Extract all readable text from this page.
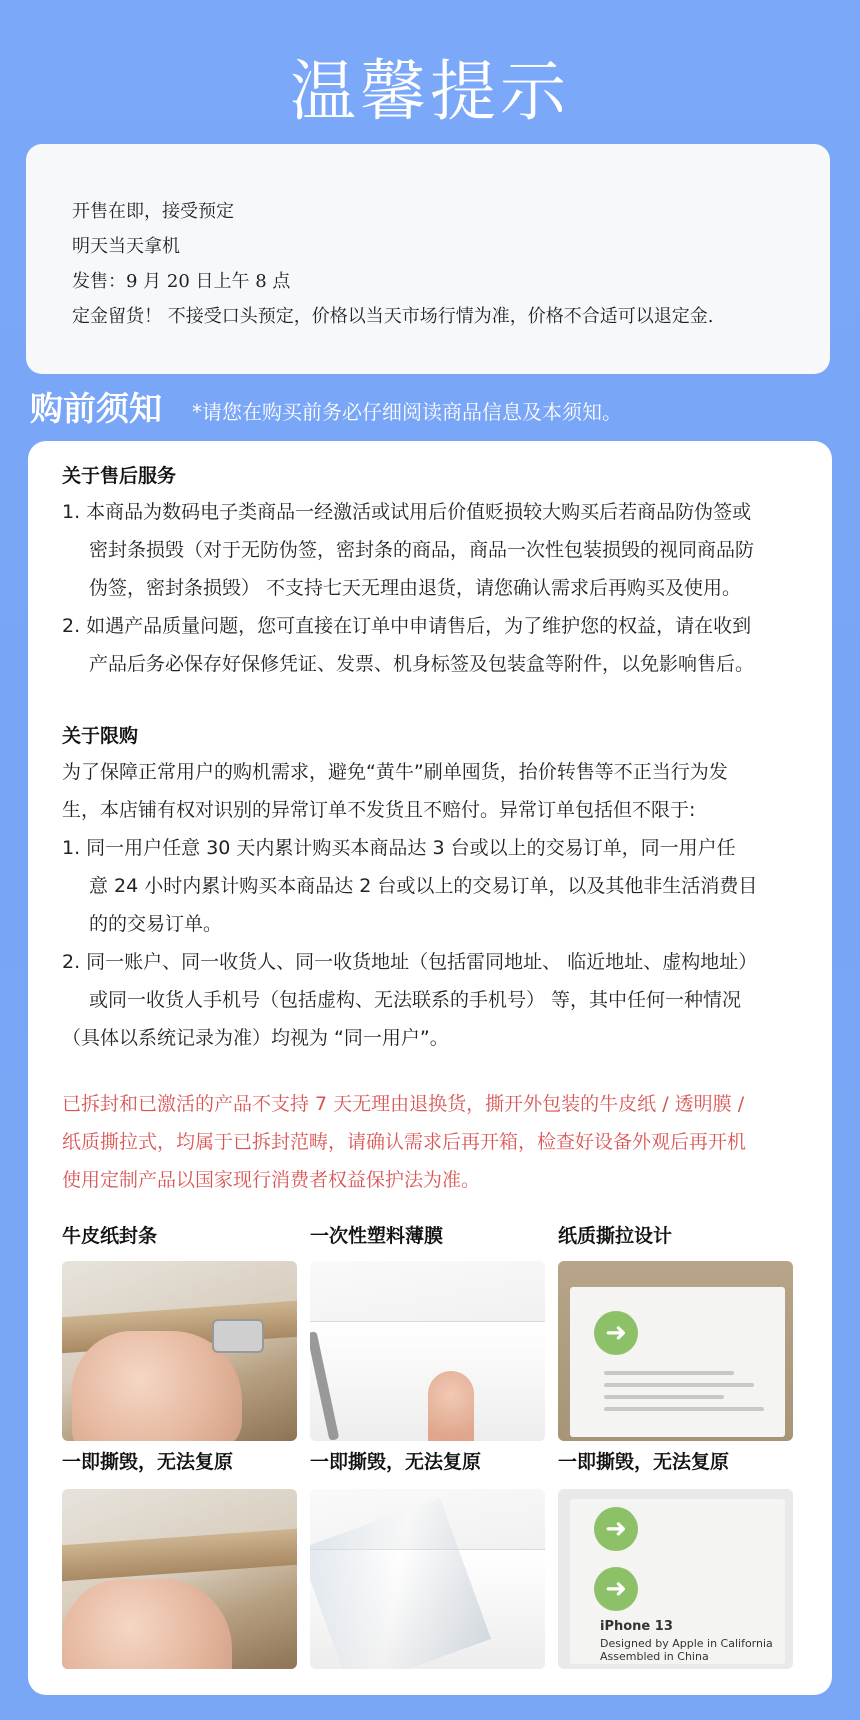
温馨提示
开售在即，接受预定
明天当天拿机
发售：9 月 20 日上午 8 点
定金留货！ 不接受口头预定，价格以当天市场行情为准，价格不合适可以退定金.
购前须知 *请您在购买前务必仔细阅读商品信息及本须知。
关于售后服务
1. 本商品为数码电子类商品一经激活或试用后价值贬损较大购买后若商品防伪签或
密封条损毁（对于无防伪签，密封条的商品，商品一次性包装损毁的视同商品防
伪签，密封条损毁） 不支持七天无理由退货，请您确认需求后再购买及使用。
2. 如遇产品质量问题，您可直接在订单中申请售后，为了维护您的权益，请在收到
产品后务必保存好保修凭证、发票、机身标签及包装盒等附件，以免影响售后。
关于限购
为了保障正常用户的购机需求，避免“黄牛”刷单囤货，抬价转售等不正当行为发
生，本店铺有权对识别的异常订单不发货且不赔付。异常订单包括但不限于:
1. 同一用户任意 30 天内累计购买本商品达 3 台或以上的交易订单，同一用户任
意 24 小时内累计购买本商品达 2 台或以上的交易订单，以及其他非生活消费目
的的交易订单。
2. 同一账户、同一收货人、同一收货地址（包括雷同地址、 临近地址、虚构地址）
或同一收货人手机号（包括虚构、无法联系的手机号） 等，其中任何一种情况
（具体以系统记录为准）均视为 “同一用户”。
已拆封和已激活的产品不支持 7 天无理由退换货，撕开外包装的牛皮纸 / 透明膜 /
纸质撕拉式，均属于已拆封范畴，请确认需求后再开箱，检查好设备外观后再开机
使用定制产品以国家现行消费者权益保护法为准。
牛皮纸封条	一次性塑料薄膜	纸质撕拉设计
➜
一即撕毁，无法复原	一即撕毁，无法复原	一即撕毁，无法复原
➜
➜
iPhone 13
Designed by Apple in California
Assembled in China
